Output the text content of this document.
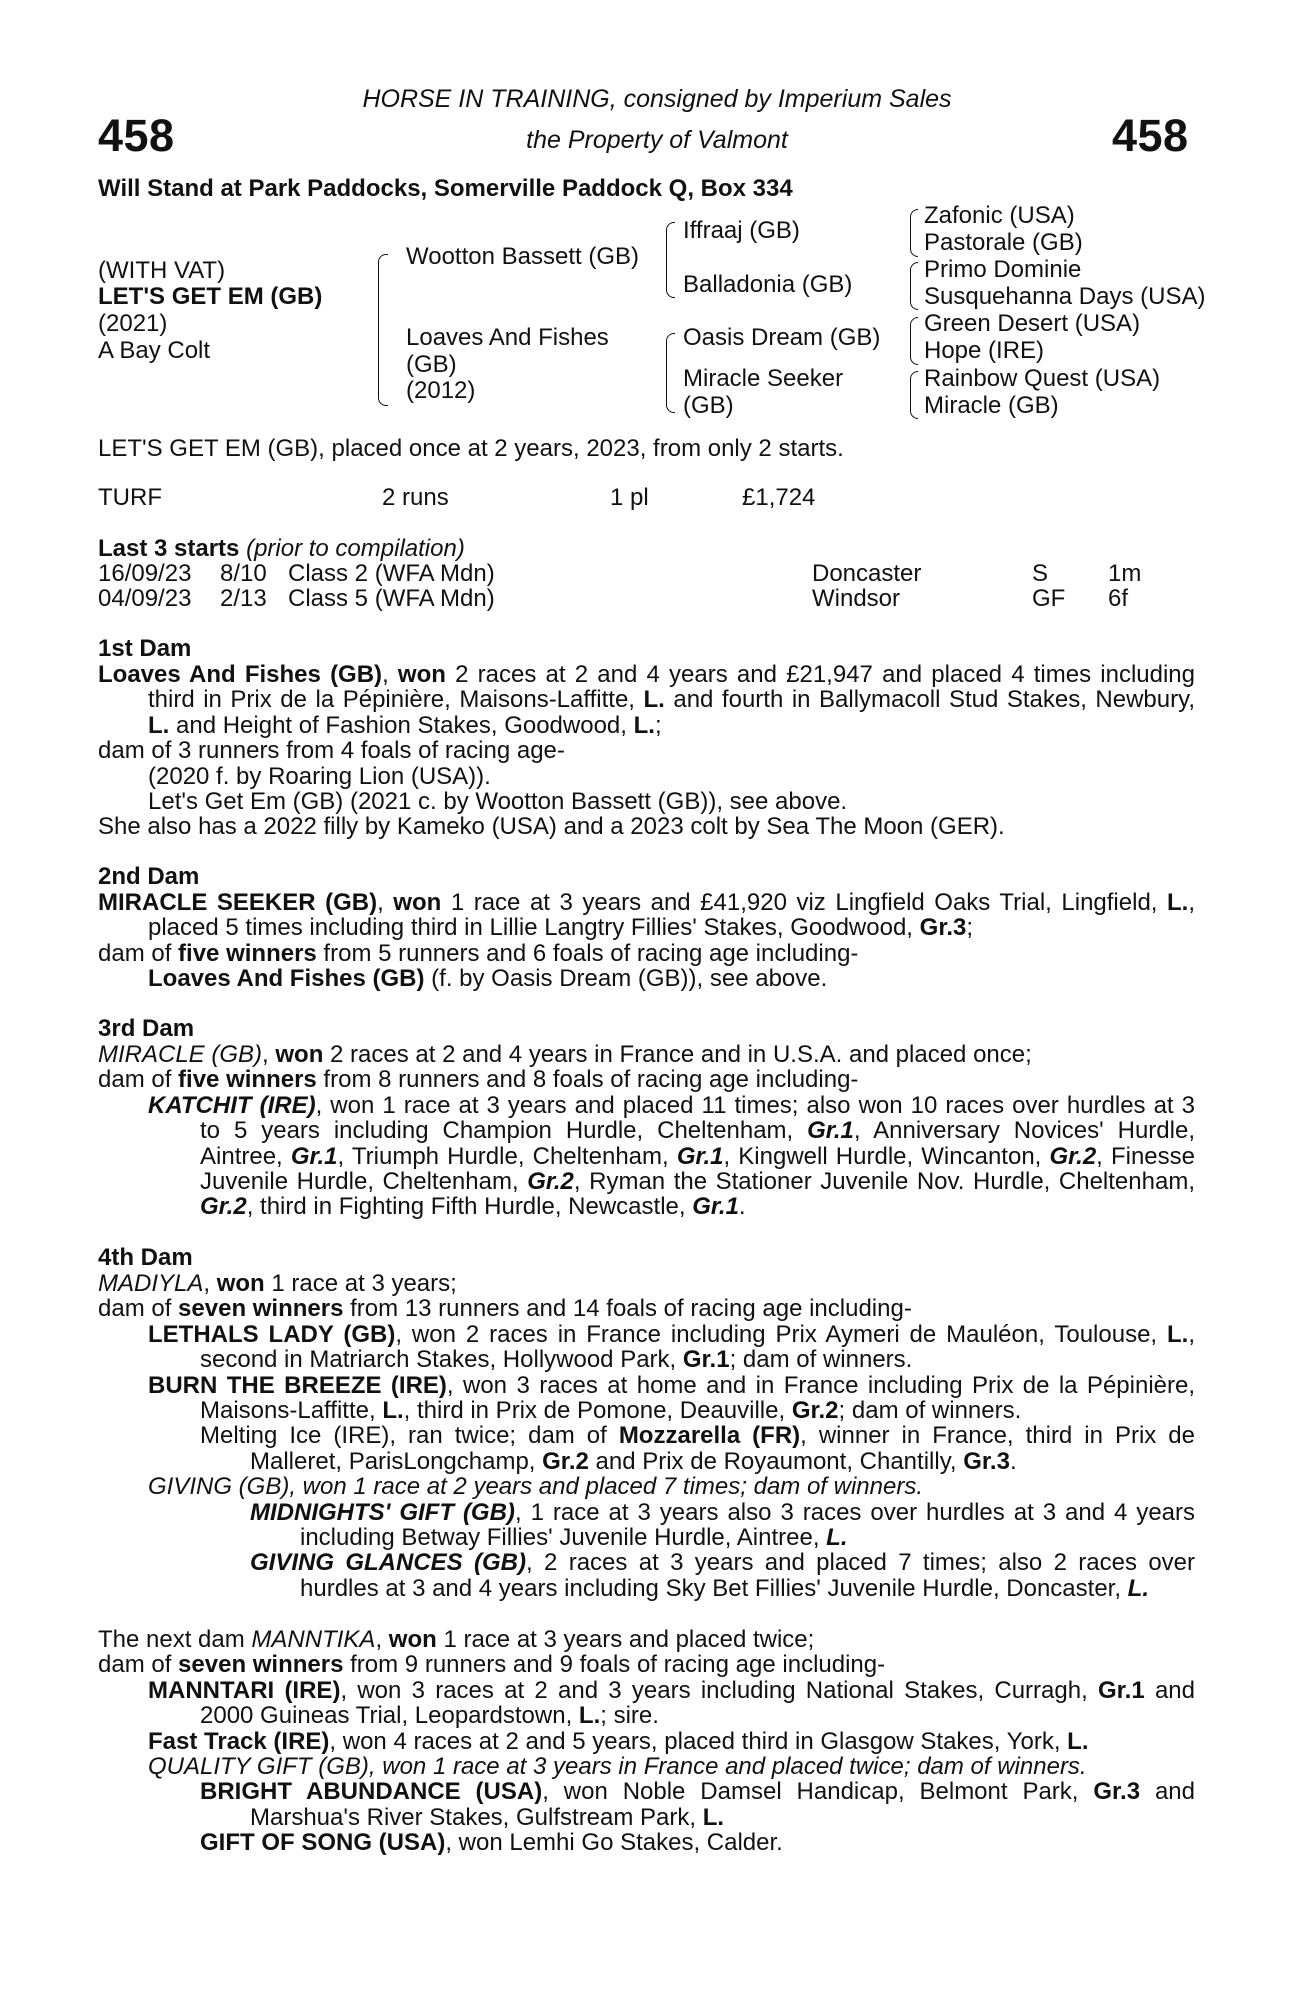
458	458
HORSE IN TRAINING, consigned by Imperium Sales
the Property of Valmont
Will Stand at Park Paddocks, Somerville Paddock Q, Box 334
(WITH VAT)
LET'S GET EM (GB)
(2021)
A Bay Colt
Wootton Bassett (GB)
Loaves And Fishes
(GB)
(2012)
Iffraaj (GB)
Balladonia (GB)
Oasis Dream (GB)
Miracle Seeker
(GB)
Zafonic (USA)
Pastorale (GB)
Primo Dominie
Susquehanna Days (USA)
Green Desert (USA)
Hope (IRE)
Rainbow Quest (USA)
Miracle (GB)
LET'S GET EM (GB), placed once at 2 years, 2023, from only 2 starts.
TURF	2 runs	1 pl	£1,724
Last 3 starts (prior to compilation)
16/09/23 8/10 Class 2 (WFA Mdn)	Doncaster	S 1m
04/09/23 2/13 Class 5 (WFA Mdn)	Windsor	GF 6f

1st Dam

Loaves And Fishes (GB), won 2 races at 2 and 4 years and £21,947 and placed 4 times including third in Prix de la Pépinière, Maisons-Laffitte, L. and fourth in Ballymacoll Stud Stakes, Newbury, L. and Height of Fashion Stakes, Goodwood, L.;

dam of 3 runners from 4 foals of racing age-

(2020 f. by Roaring Lion (USA)).

Let's Get Em (GB) (2021 c. by Wootton Bassett (GB)), see above.

She also has a 2022 filly by Kameko (USA) and a 2023 colt by Sea The Moon (GER).

2nd Dam

MIRACLE SEEKER (GB), won 1 race at 3 years and £41,920 viz Lingfield Oaks Trial, Lingfield, L., placed 5 times including third in Lillie Langtry Fillies' Stakes, Goodwood, Gr.3;

dam of five winners from 5 runners and 6 foals of racing age including-

Loaves And Fishes (GB) (f. by Oasis Dream (GB)), see above.

3rd Dam

MIRACLE (GB), won 2 races at 2 and 4 years in France and in U.S.A. and placed once;

dam of five winners from 8 runners and 8 foals of racing age including-

KATCHIT (IRE), won 1 race at 3 years and placed 11 times; also won 10 races over hurdles at 3 to 5 years including Champion Hurdle, Cheltenham, Gr.1, Anniversary Novices' Hurdle, Aintree, Gr.1, Triumph Hurdle, Cheltenham, Gr.1, Kingwell Hurdle, Wincanton, Gr.2, Finesse Juvenile Hurdle, Cheltenham, Gr.2, Ryman the Stationer Juvenile Nov. Hurdle, Cheltenham, Gr.2, third in Fighting Fifth Hurdle, Newcastle, Gr.1.

4th Dam

MADIYLA, won 1 race at 3 years;

dam of seven winners from 13 runners and 14 foals of racing age including-

LETHALS LADY (GB), won 2 races in France including Prix Aymeri de Mauléon, Toulouse, L., second in Matriarch Stakes, Hollywood Park, Gr.1; dam of winners.

BURN THE BREEZE (IRE), won 3 races at home and in France including Prix de la Pépinière, Maisons-Laffitte, L., third in Prix de Pomone, Deauville, Gr.2; dam of winners.

Melting Ice (IRE), ran twice; dam of Mozzarella (FR), winner in France, third in Prix de Malleret, ParisLongchamp, Gr.2 and Prix de Royaumont, Chantilly, Gr.3.

GIVING (GB), won 1 race at 2 years and placed 7 times; dam of winners.

MIDNIGHTS' GIFT (GB), 1 race at 3 years also 3 races over hurdles at 3 and 4 years including Betway Fillies' Juvenile Hurdle, Aintree, L.

GIVING GLANCES (GB), 2 races at 3 years and placed 7 times; also 2 races over hurdles at 3 and 4 years including Sky Bet Fillies' Juvenile Hurdle, Doncaster, L.

The next dam MANNTIKA, won 1 race at 3 years and placed twice;

dam of seven winners from 9 runners and 9 foals of racing age including-

MANNTARI (IRE), won 3 races at 2 and 3 years including National Stakes, Curragh, Gr.1 and 2000 Guineas Trial, Leopardstown, L.; sire.

Fast Track (IRE), won 4 races at 2 and 5 years, placed third in Glasgow Stakes, York, L.

QUALITY GIFT (GB), won 1 race at 3 years in France and placed twice; dam of winners.

BRIGHT ABUNDANCE (USA), won Noble Damsel Handicap, Belmont Park, Gr.3 and Marshua's River Stakes, Gulfstream Park, L.

GIFT OF SONG (USA), won Lemhi Go Stakes, Calder.
